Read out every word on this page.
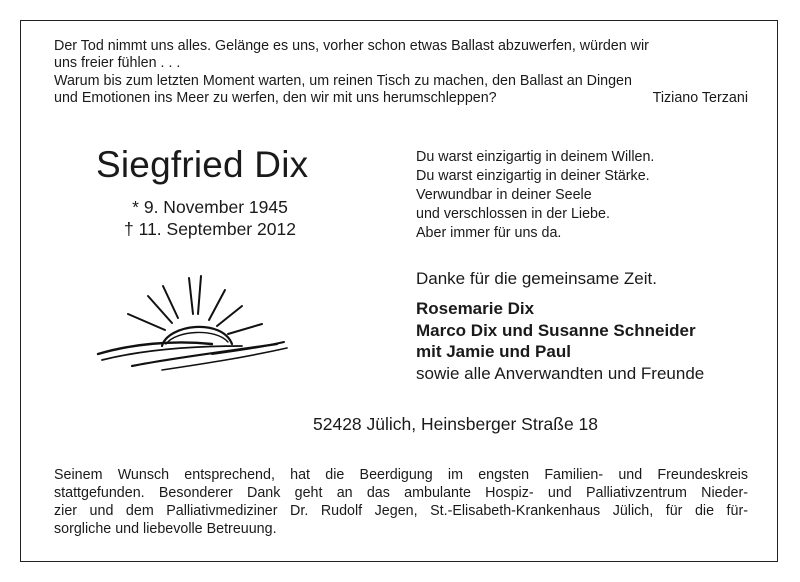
Der Tod nimmt uns alles. Gelänge es uns, vorher schon etwas Ballast abzuwerfen, würden wir
uns freier fühlen . . .
Warum bis zum letzten Moment warten, um reinen Tisch zu machen, den Ballast an Dingen
und Emotionen ins Meer zu werfen, den wir mit uns herumschleppen?	Tiziano Terzani
Siegfried Dix
* 9. November 1945
† 11. September 2012
Du warst einzigartig in deinem Willen.
Du warst einzigartig in deiner Stärke.
Verwundbar in deiner Seele
und verschlossen in der Liebe.
Aber immer für uns da.
Danke für die gemeinsame Zeit.
Rosemarie Dix
Marco Dix und Susanne Schneider
mit Jamie und Paul
sowie alle Anverwandten und Freunde
52428 Jülich, Heinsberger Straße 18
Seinem Wunsch entsprechend, hat die Beerdigung im engsten Familien- und Freundeskreis
stattgefunden. Besonderer Dank geht an das ambulante Hospiz- und Palliativzentrum Nieder-
zier und dem Palliativmediziner Dr. Rudolf Jegen, St.-Elisabeth-Krankenhaus Jülich, für die für-
sorgliche und liebevolle Betreuung.
